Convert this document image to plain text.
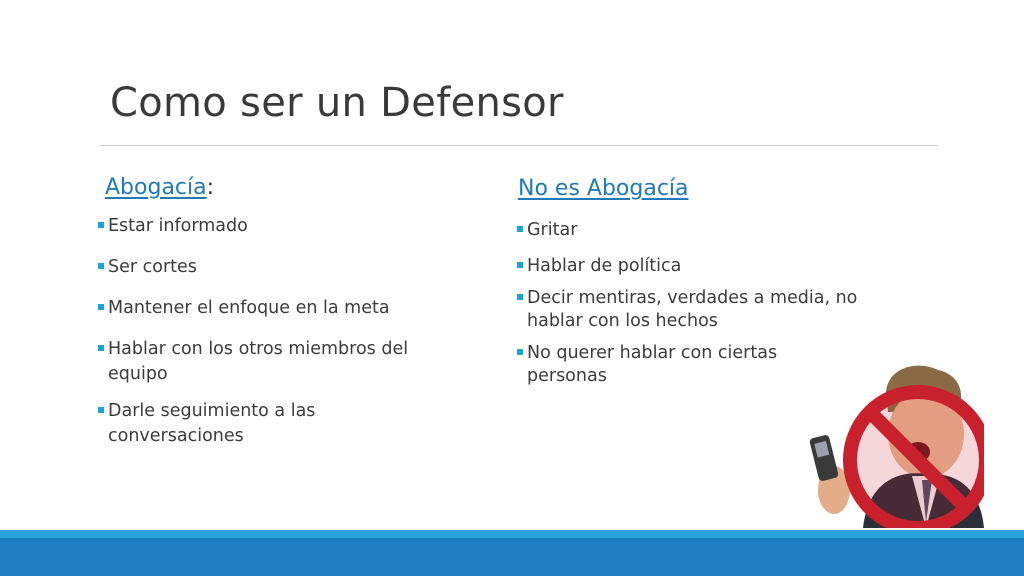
Como ser un Defensor
Abogacía:
Estar informado
Ser cortes
Mantener el enfoque en la meta
Hablar con los otros miembros del equipo
Darle seguimiento a las conversaciones
No es Abogacía
Gritar
Hablar de política
Decir mentiras, verdades a media, no hablar con los hechos
No querer hablar con ciertas personas
